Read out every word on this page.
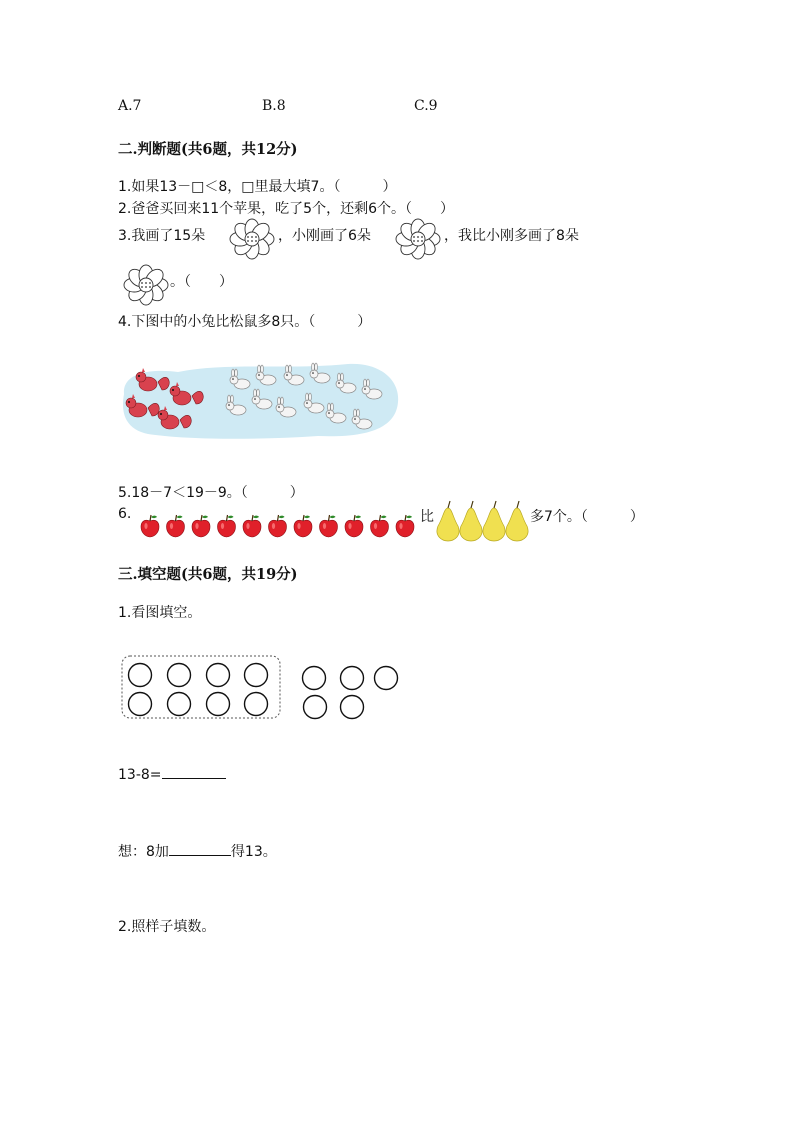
A.7	B.8	C.9
二.判断题(共6题，共12分)
1.如果13－□＜8，□里最大填7。（　　　）
2.爸爸买回来11个苹果，吃了5个，还剩6个。（　　）
3.我画了15朵	，小刚画了6朵	，我比小刚多画了8朵
。（　　）
4.下图中的小兔比松鼠多8只。（　　　）
5.18－7＜19－9。（　　　）
6.	比	多7个。（　　　）
三.填空题(共6题，共19分)
1.看图填空。
13-8=
想：8加	得13。
2.照样子填数。
